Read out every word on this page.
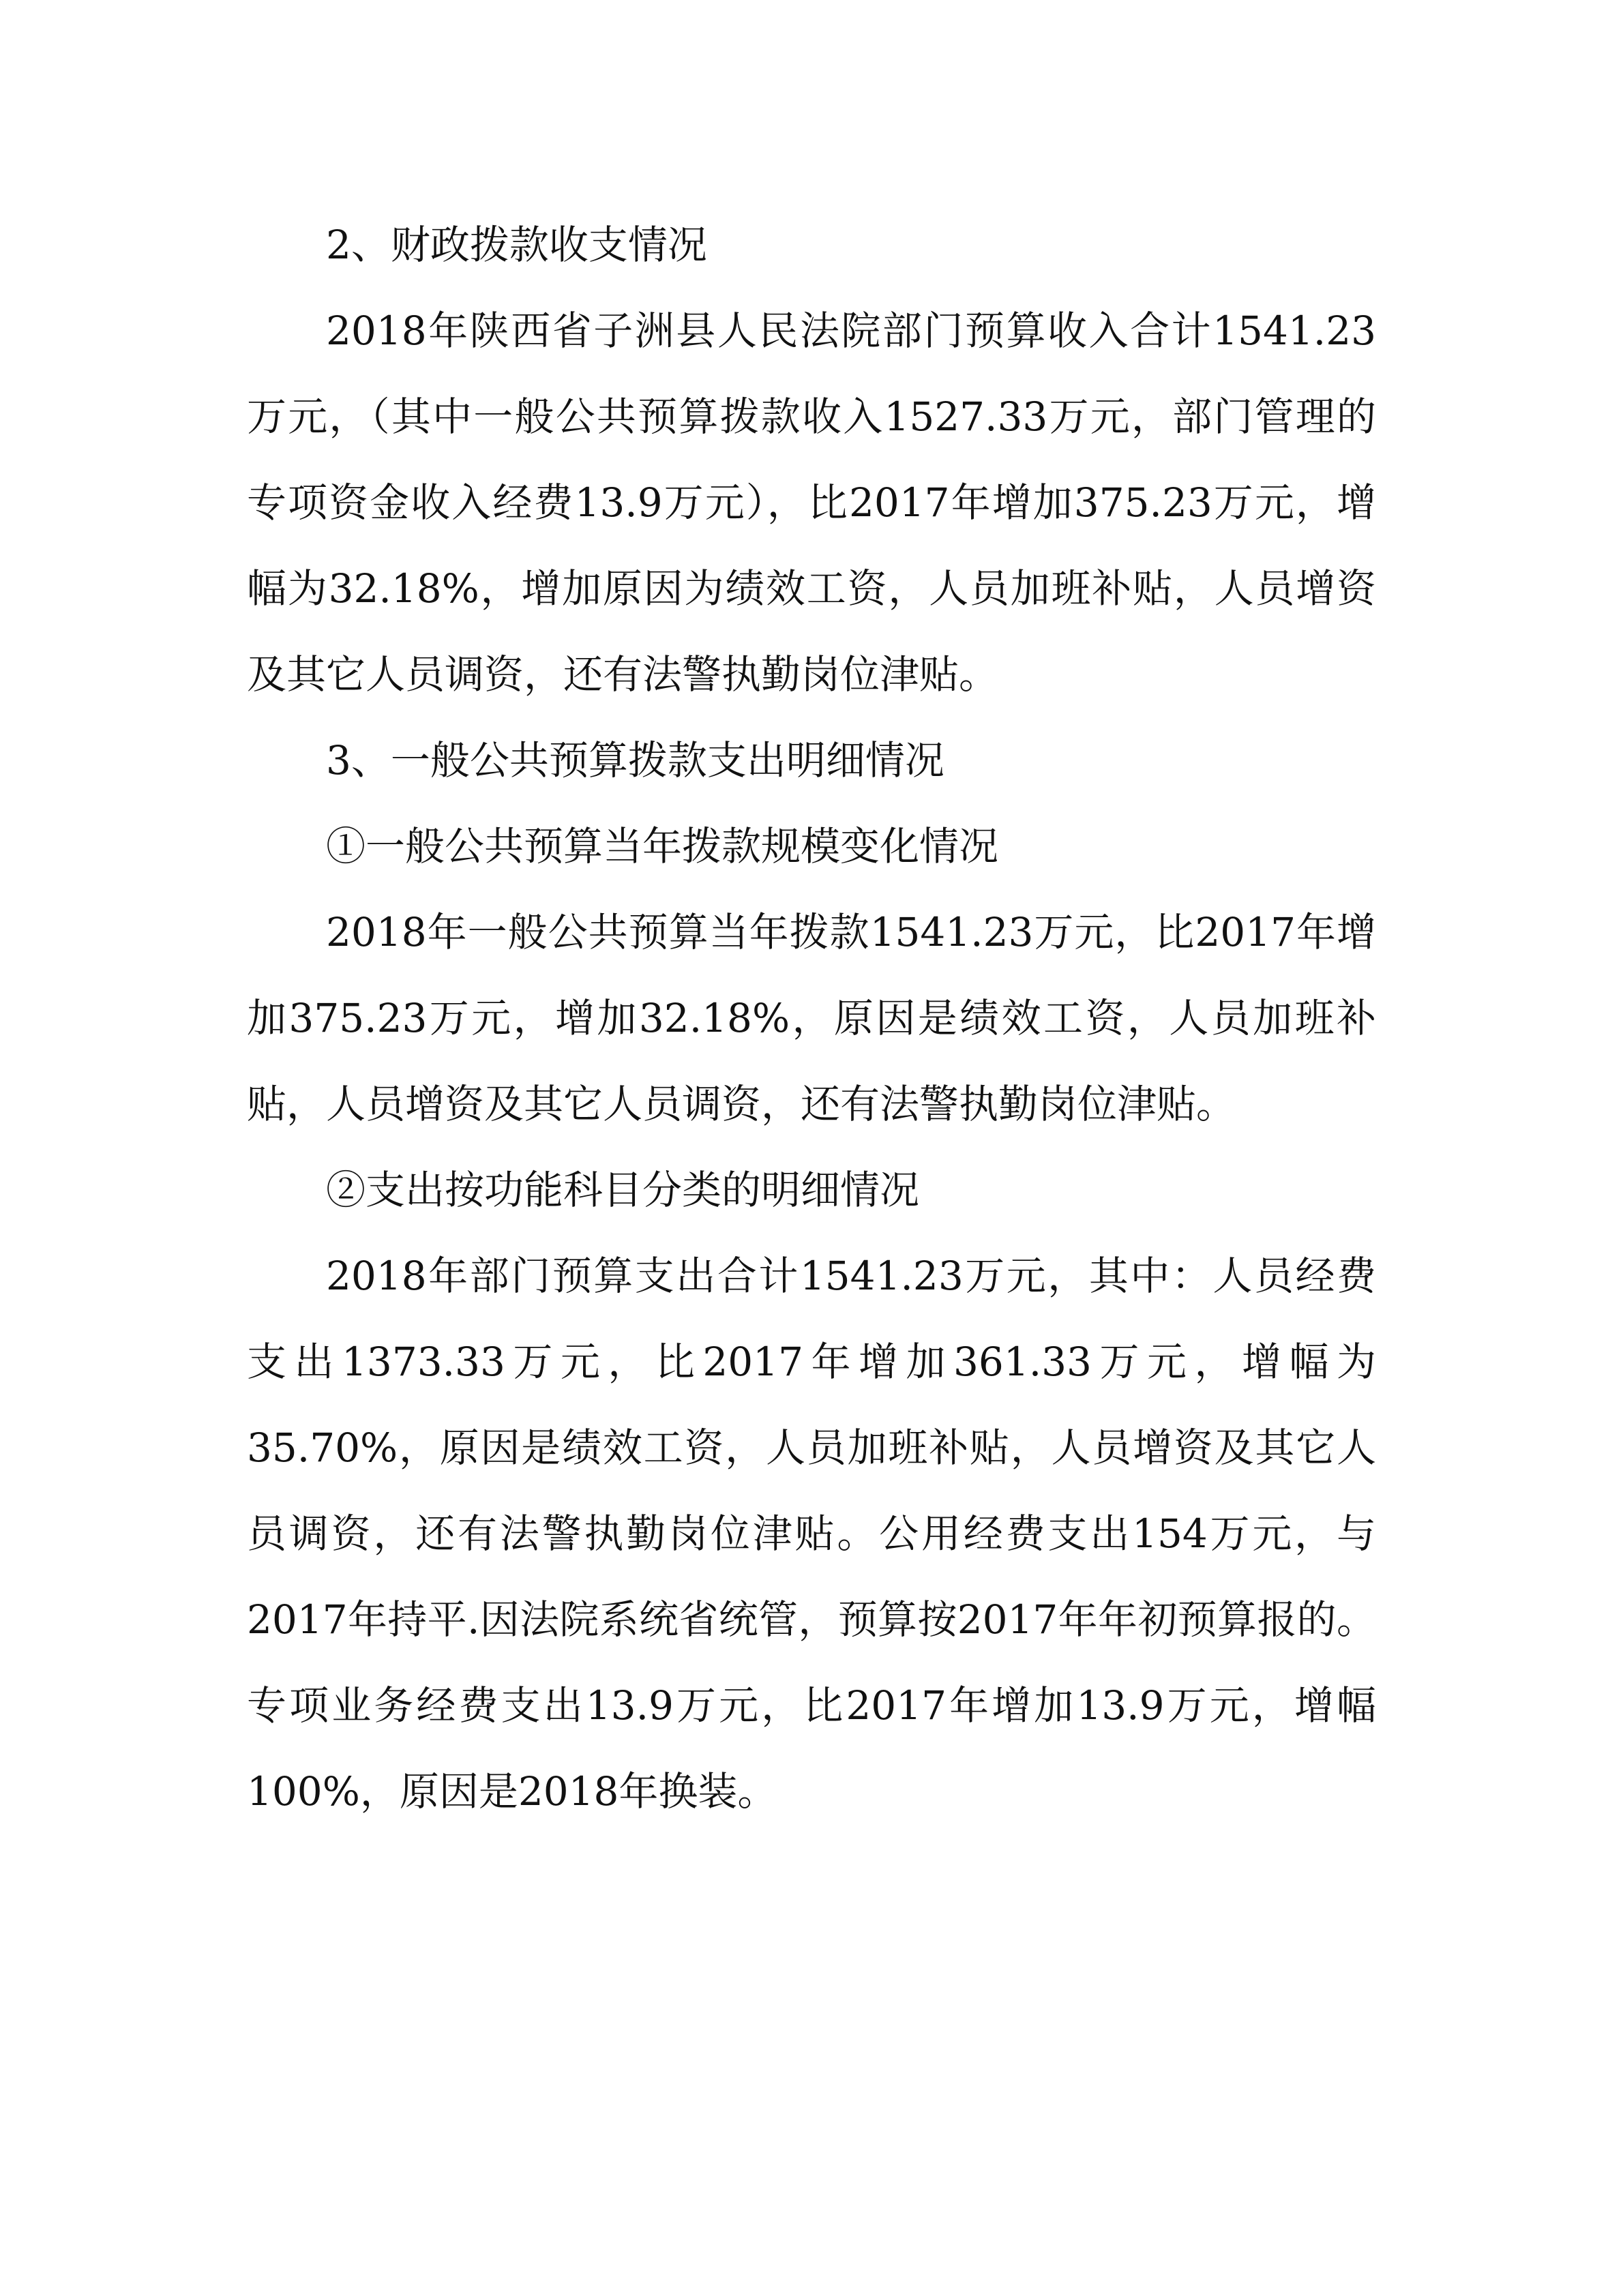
2、财政拨款收支情况

2018年陕西省子洲县人民法院部门预算收入合计1541.23万元，（其中一般公共预算拨款收入1527.33万元，部门管理的专项资金收入经费13.9万元），比2017年增加375.23万元，增幅为32.18%，增加原因为绩效工资，人员加班补贴，人员增资及其它人员调资，还有法警执勤岗位津贴。

3、一般公共预算拨款支出明细情况

①一般公共预算当年拨款规模变化情况

2018年一般公共预算当年拨款1541.23万元，比2017年增加375.23万元，增加32.18%，原因是绩效工资，人员加班补贴，人员增资及其它人员调资，还有法警执勤岗位津贴。

②支出按功能科目分类的明细情况

2018年部门预算支出合计1541.23万元，其中：人员经费支出1373.33万元，比2017年增加361.33万元，增幅为35.70%，原因是绩效工资，人员加班补贴，人员增资及其它人员调资，还有法警执勤岗位津贴。公用经费支出154万元，与2017年持平.因法院系统省统管，预算按2017年年初预算报的。专项业务经费支出13.9万元，比2017年增加13.9万元，增幅100%，原因是2018年换装。
